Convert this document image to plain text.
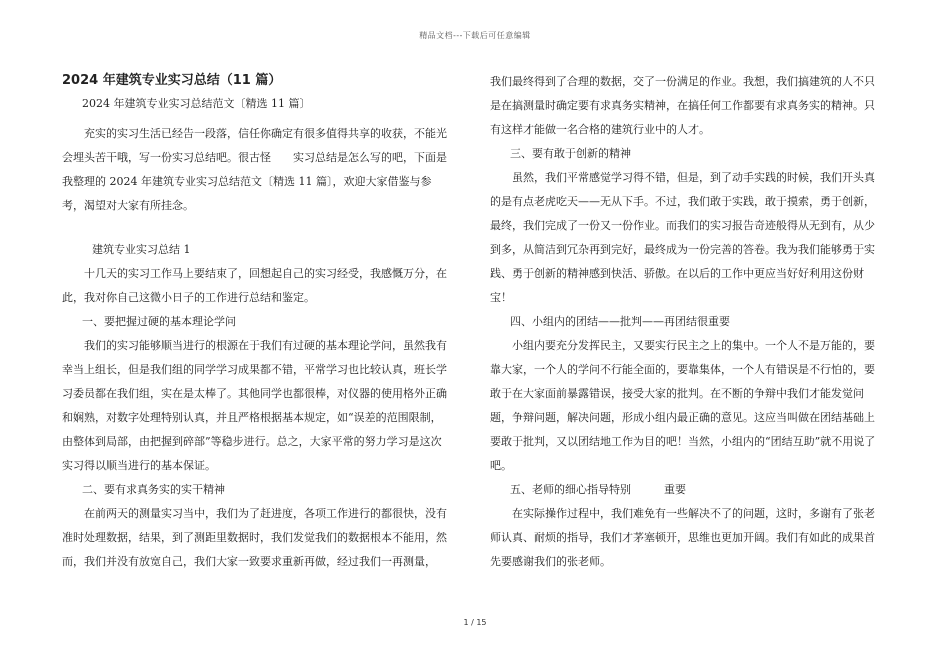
精品文档---下载后可任意编辑

2024 年建筑专业实习总结（11 篇）

2024 年建筑专业实习总结范文〔精选 11 篇〕

充实的实习生活已经告一段落，信任你确定有很多值得共享的收获，不能光会埋头苦干哦，写一份实习总结吧。很古怪　　实习总结是怎么写的吧，下面是我整理的 2024 年建筑专业实习总结范文〔精选 11 篇〕，欢迎大家借鉴与参考，渴望对大家有所挂念。

建筑专业实习总结 1

十几天的实习工作马上要结束了，回想起自己的实习经受，我感慨万分，在此，我对你自己这微小日子的工作进行总结和鉴定。

一、要把握过硬的基本理论学问

我们的实习能够顺当进行的根源在于我们有过硬的基本理论学问，虽然我有幸当上组长，但是我们组的同学学习成果都不错，平常学习也比较认真，班长学习委员都在我们组，实在是太棒了。其他同学也都很棒，对仪器的使用格外正确和娴熟，对数字处理特别认真，并且严格根据基本规定，如“误差的范围限制，由整体到局部，由把握到碎部”等稳步进行。总之，大家平常的努力学习是这次实习得以顺当进行的基本保证。

二、要有求真务实的实干精神

在前两天的测量实习当中，我们为了赶进度，各项工作进行的都很快，没有准时处理数据，结果，到了测距里数据时，我们发觉我们的数据根本不能用，然而，我们并没有放宽自己，我们大家一致要求重新再做，经过我们一再测量，

我们最终得到了合理的数据，交了一份满足的作业。我想，我们搞建筑的人不只是在搞测量时确定要有求真务实精神，在搞任何工作都要有求真务实的精神。只有这样才能做一名合格的建筑行业中的人才。

三、要有敢于创新的精神

虽然，我们平常感觉学习得不错，但是，到了动手实践的时候，我们开头真的是有点老虎吃天——无从下手。不过，我们敢于实践，敢于摸索，勇于创新，最终，我们完成了一份又一份作业。而我们的实习报告奇迹般得从无到有，从少到多，从简洁到冗杂再到完好，最终成为一份完善的答卷。我为我们能够勇于实践、勇于创新的精神感到快活、骄傲。在以后的工作中更应当好好利用这份财宝！

四、小组内的团结——批判——再团结很重要

小组内要充分发挥民主，又要实行民主之上的集中。一个人不是万能的，要靠大家，一个人的学问不行能全面的，要靠集体，一个人有错误是不行怕的，要敢于在大家面前暴露错误，接受大家的批判。在不断的争辩中我们才能发觉问题，争辩问题，解决问题，形成小组内最正确的意见。这应当叫做在团结基础上要敢于批判，又以团结地工作为目的吧！当然，小组内的“团结互助”就不用说了吧。

五、老师的细心指导特别　　　重要

在实际操作过程中，我们难免有一些解决不了的问题，这时，多谢有了张老师认真、耐烦的指导，我们才茅塞顿开，思维也更加开阔。我们有如此的成果首先要感谢我们的张老师。

1 / 15
